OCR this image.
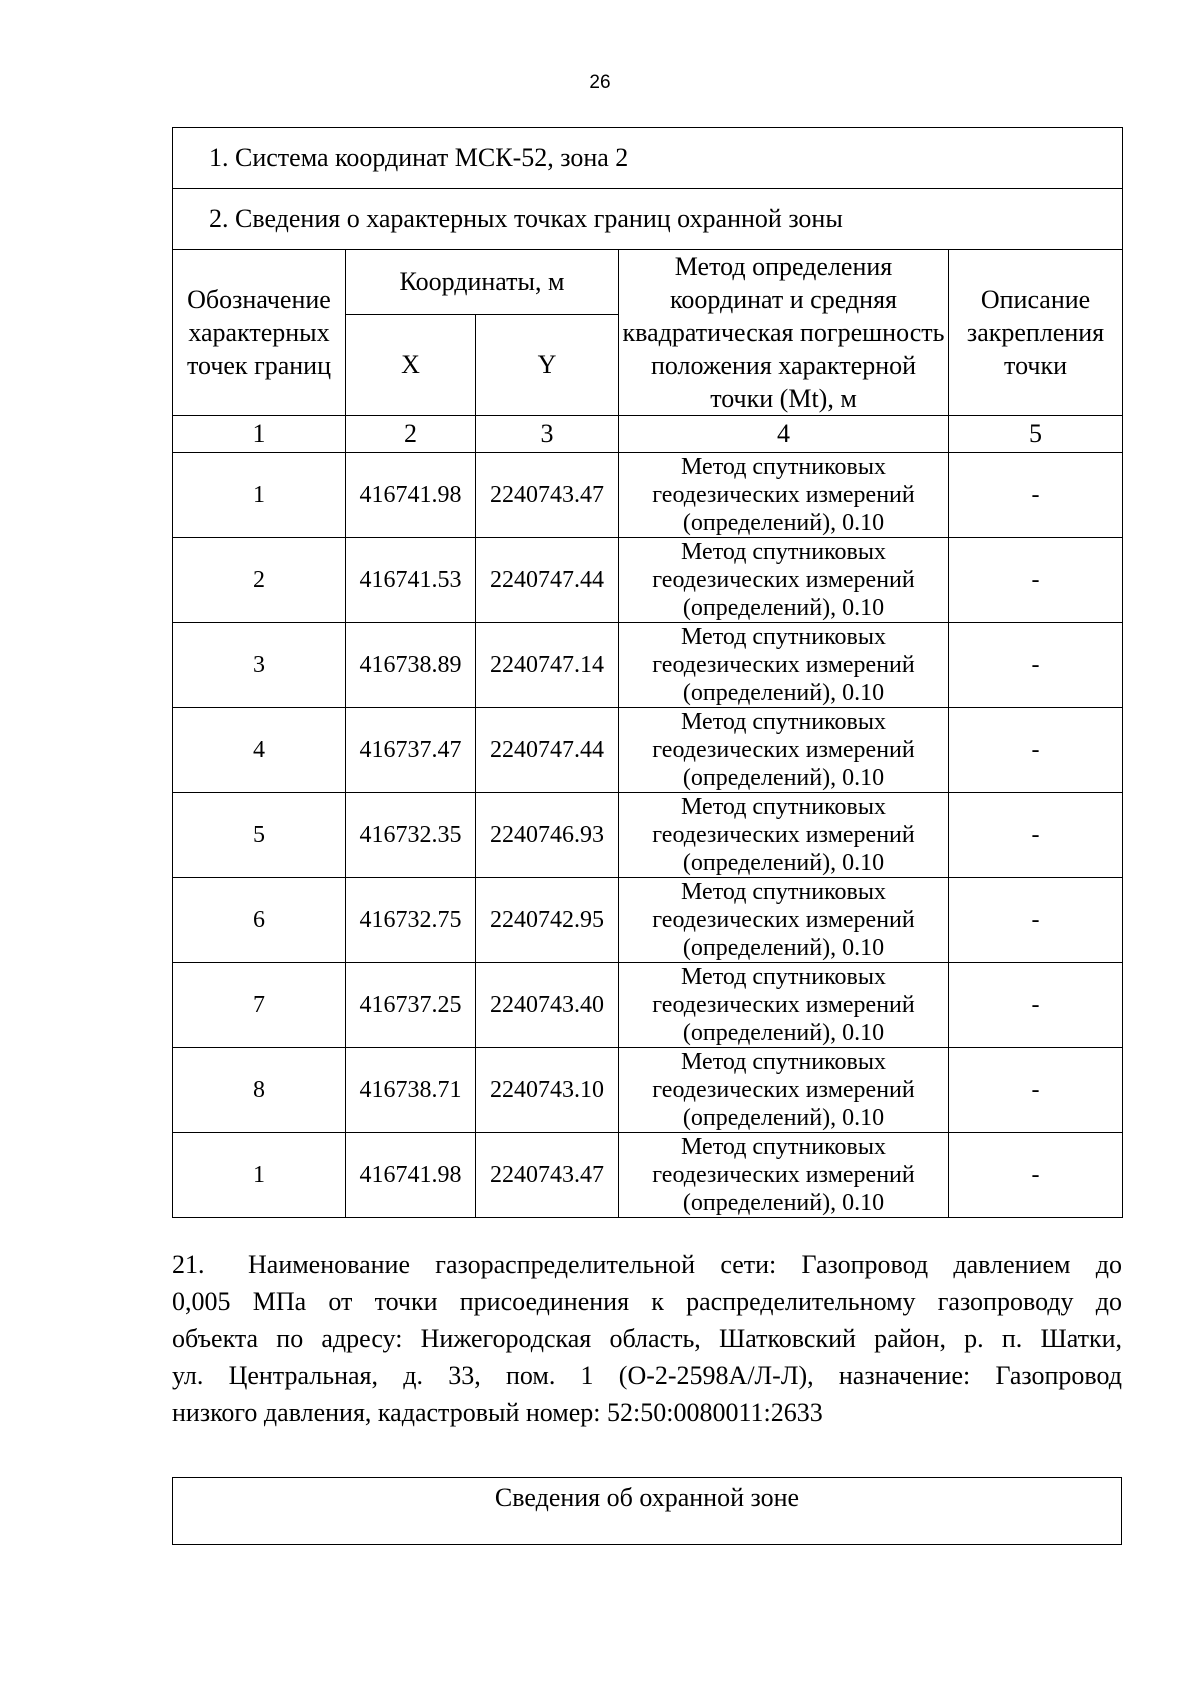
26
1. Система координат МСК-52, зона 2				
2. Сведения о характерных точках границ охранной зоны				
Обозначение характерных точек границ	Координаты, м		Метод определения координат и средняя квадратическая погрешность положения характерной точки (Mt), м	Описание закрепления точки
	X	Y		
1	2	3	4	5
1	416741.98	2240743.47	Метод спутниковых геодезических измерений (определений), 0.10	-
2	416741.53	2240747.44	Метод спутниковых геодезических измерений (определений), 0.10	-
3	416738.89	2240747.14	Метод спутниковых геодезических измерений (определений), 0.10	-
4	416737.47	2240747.44	Метод спутниковых геодезических измерений (определений), 0.10	-
5	416732.35	2240746.93	Метод спутниковых геодезических измерений (определений), 0.10	-
6	416732.75	2240742.95	Метод спутниковых геодезических измерений (определений), 0.10	-
7	416737.25	2240743.40	Метод спутниковых геодезических измерений (определений), 0.10	-
8	416738.71	2240743.10	Метод спутниковых геодезических измерений (определений), 0.10	-
1	416741.98	2240743.47	Метод спутниковых геодезических измерений (определений), 0.10	-
21. Наименование газораспределительной сети: Газопровод давлением до
0,005 МПа от точки присоединения к распределительному газопроводу до
объекта по адресу: Нижегородская область, Шатковский район, р. п. Шатки,
ул. Центральная, д. 33, пом. 1 (О-2-2598А/Л-Л), назначение: Газопровод
низкого давления, кадастровый номер: 52:50:0080011:2633
Сведения об охранной зоне
